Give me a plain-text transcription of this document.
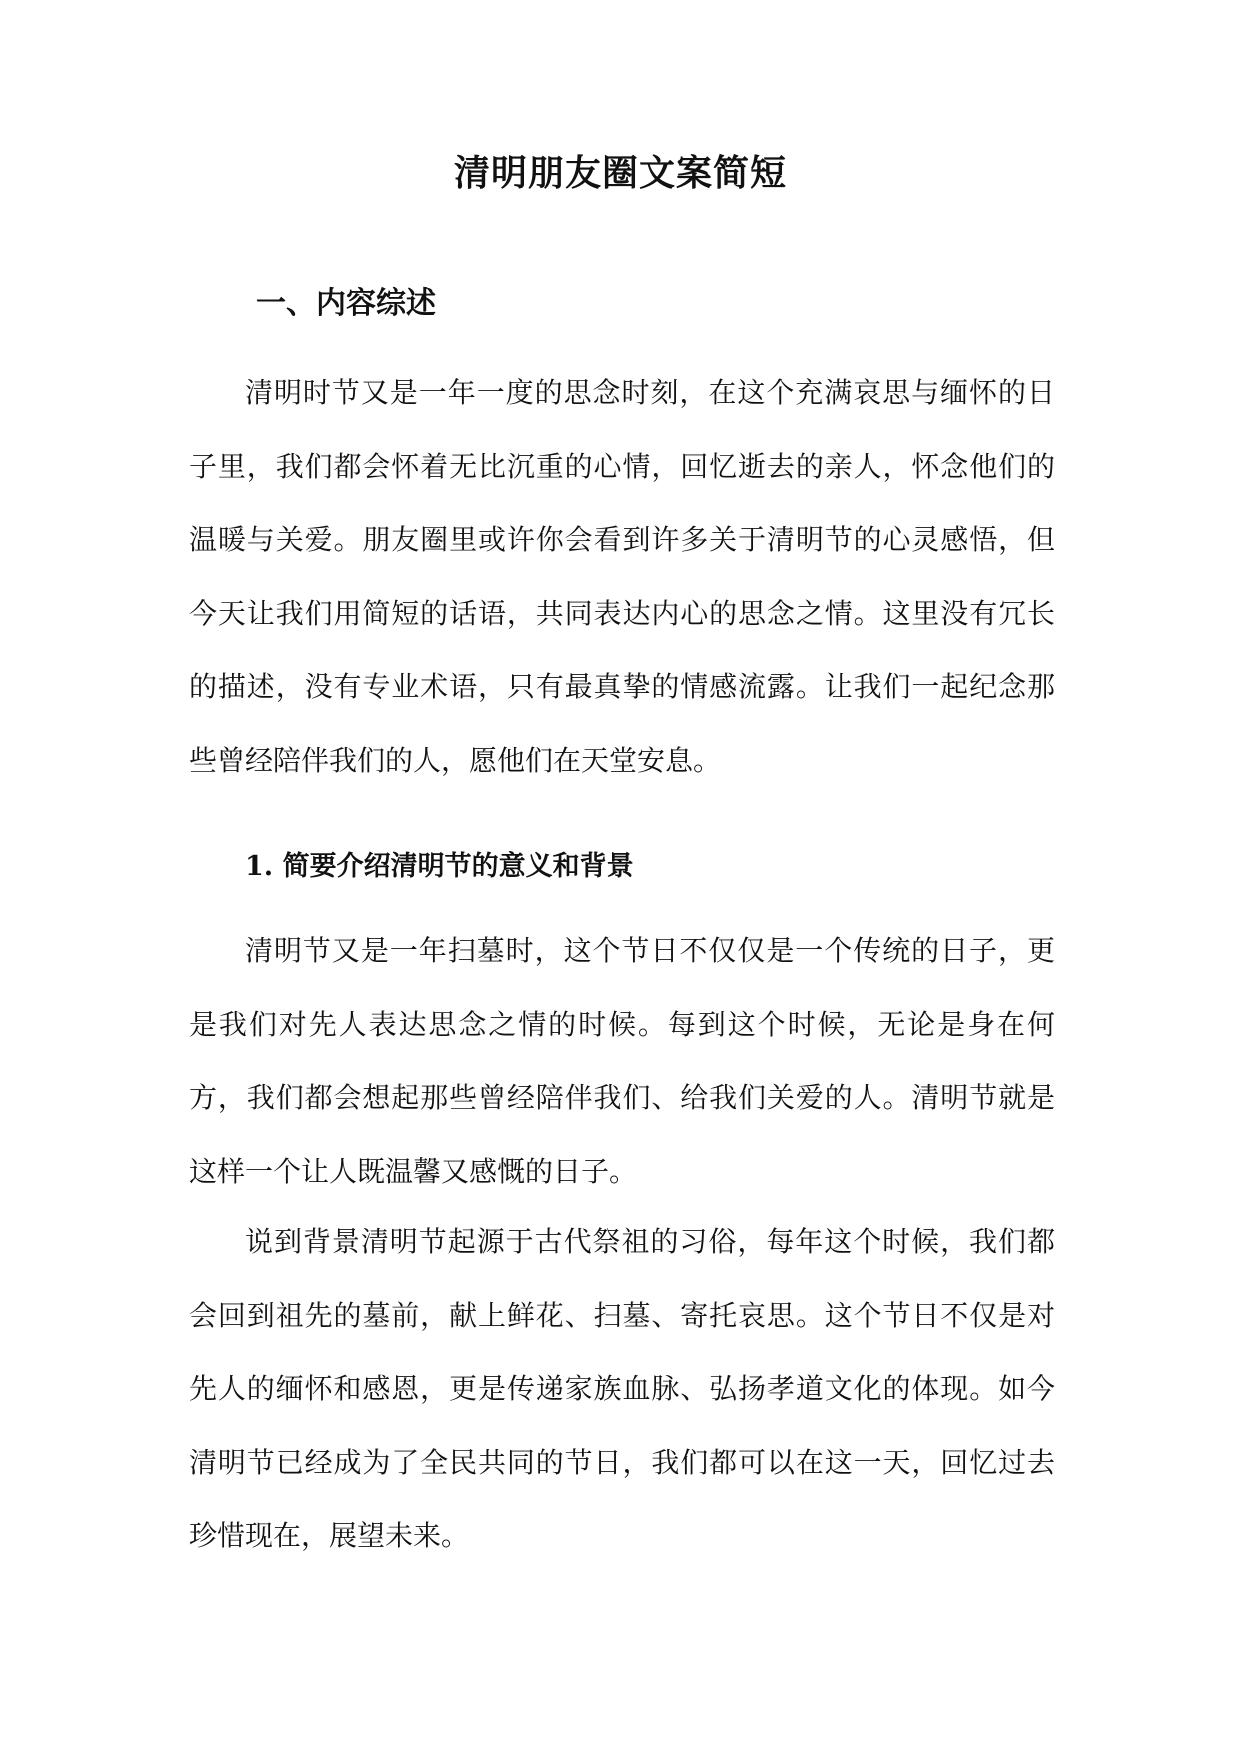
清明朋友圈文案简短
一、内容综述

清明时节又是一年一度的思念时刻，在这个充满哀思与缅怀的日子里，我们都会怀着无比沉重的心情，回忆逝去的亲人，怀念他们的温暖与关爱。朋友圈里或许你会看到许多关于清明节的心灵感悟，但今天让我们用简短的话语，共同表达内心的思念之情。这里没有冗长的描述，没有专业术语，只有最真挚的情感流露。让我们一起纪念那些曾经陪伴我们的人，愿他们在天堂安息。

1. 简要介绍清明节的意义和背景

清明节又是一年扫墓时，这个节日不仅仅是一个传统的日子，更是我们对先人表达思念之情的时候。每到这个时候，无论是身在何方，我们都会想起那些曾经陪伴我们、给我们关爱的人。清明节就是这样一个让人既温馨又感慨的日子。

说到背景清明节起源于古代祭祖的习俗，每年这个时候，我们都会回到祖先的墓前，献上鲜花、扫墓、寄托哀思。这个节日不仅是对先人的缅怀和感恩，更是传递家族血脉、弘扬孝道文化的体现。如今清明节已经成为了全民共同的节日，我们都可以在这一天，回忆过去珍惜现在，展望未来。
